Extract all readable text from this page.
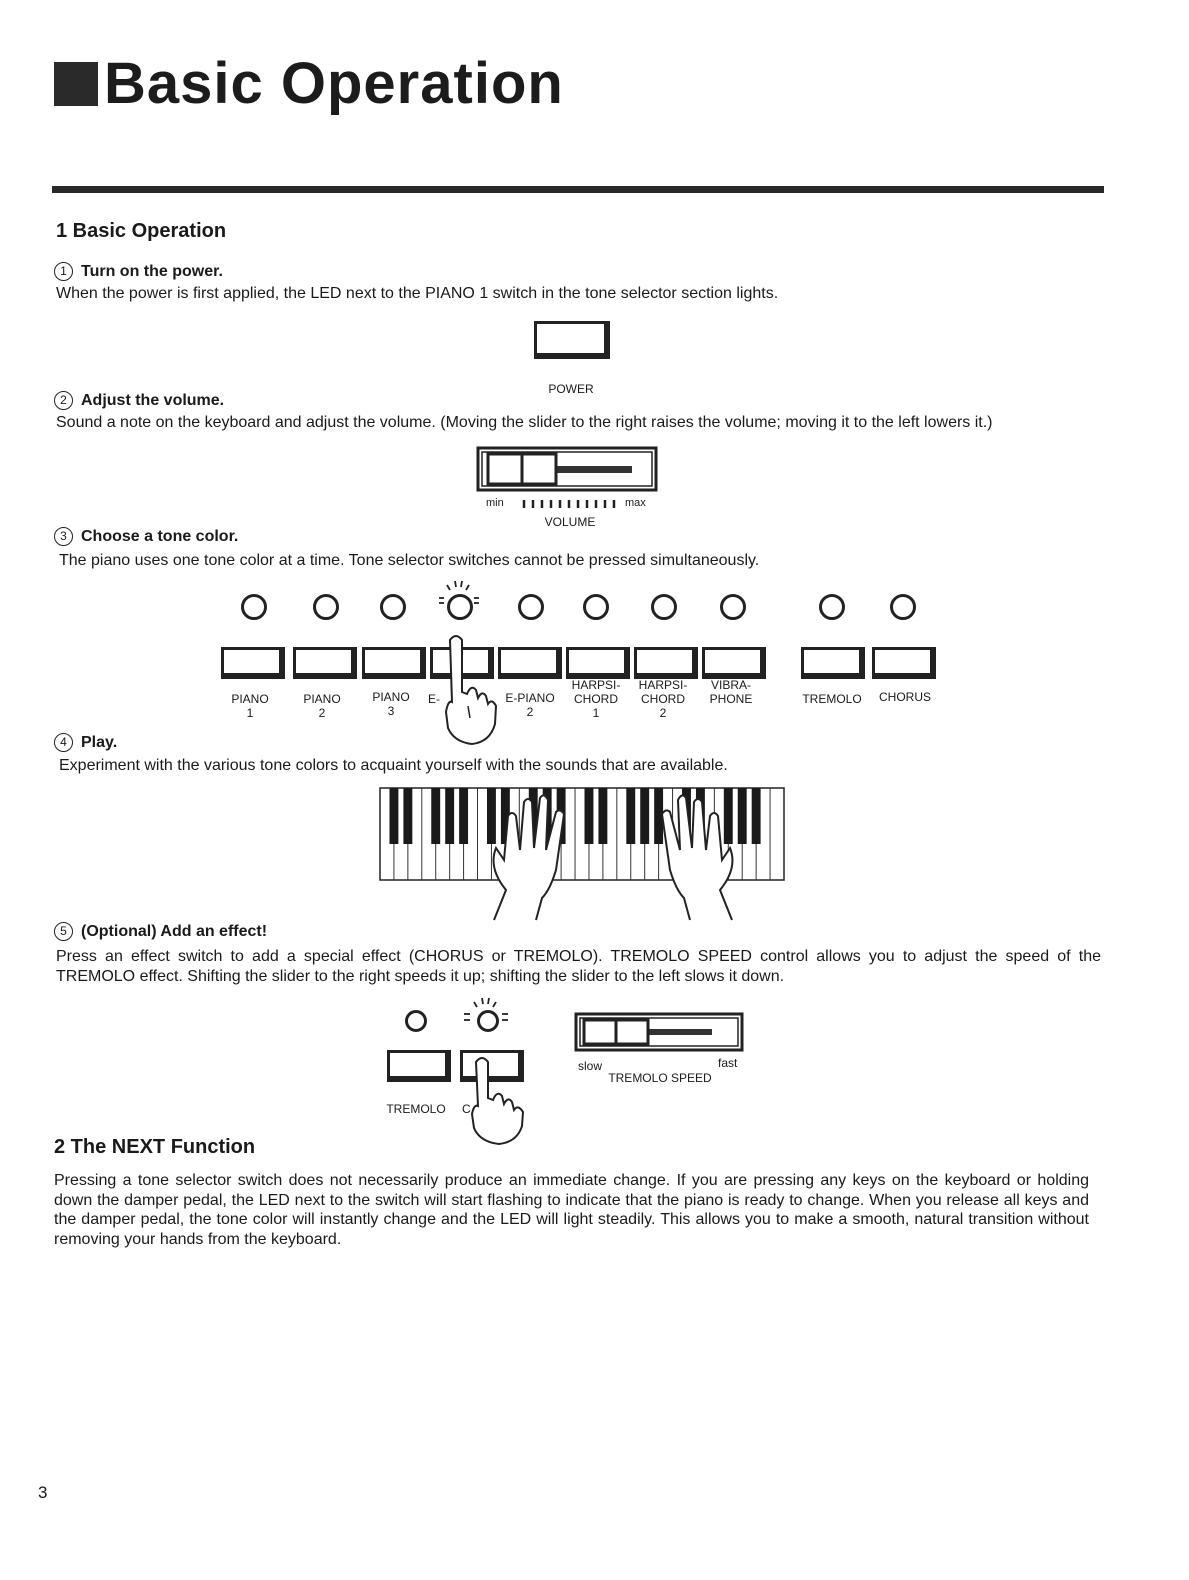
Basic Operation
1 Basic Operation
1 Turn on the power.
When the power is first applied, the LED next to the PIANO 1 switch in the tone selector section lights.
POWER
2 Adjust the volume.
Sound a note on the keyboard and adjust the volume. (Moving the slider to the right raises the volume; moving it to the left lowers it.)
min	max
VOLUME
3 Choose a tone color.
The piano uses one tone color at a time. Tone selector switches cannot be pressed simultaneously.
PIANO
1
PIANO
2
PIANO
3
E-	E-PIANO
2
HARPSI-
CHORD
1
HARPSI-
CHORD
2
VIBRA-
PHONE	TREMOLO	CHORUS
4 Play.
Experiment with the various tone colors to acquaint yourself with the sounds that are available.
5 (Optional) Add an effect!
Press an effect switch to add a special effect (CHORUS or TREMOLO). TREMOLO SPEED control allows you to adjust the speed of the TREMOLO effect. Shifting the slider to the right speeds it up; shifting the slider to the left slows it down.
TREMOLO C
slow	fast
TREMOLO SPEED
2 The NEXT Function
Pressing a tone selector switch does not necessarily produce an immediate change. If you are pressing any keys on the keyboard or holding down the damper pedal, the LED next to the switch will start flashing to indicate that the piano is ready to change. When you release all keys and the damper pedal, the tone color will instantly change and the LED will light steadily. This allows you to make a smooth, natural transition without removing your hands from the keyboard.
3
